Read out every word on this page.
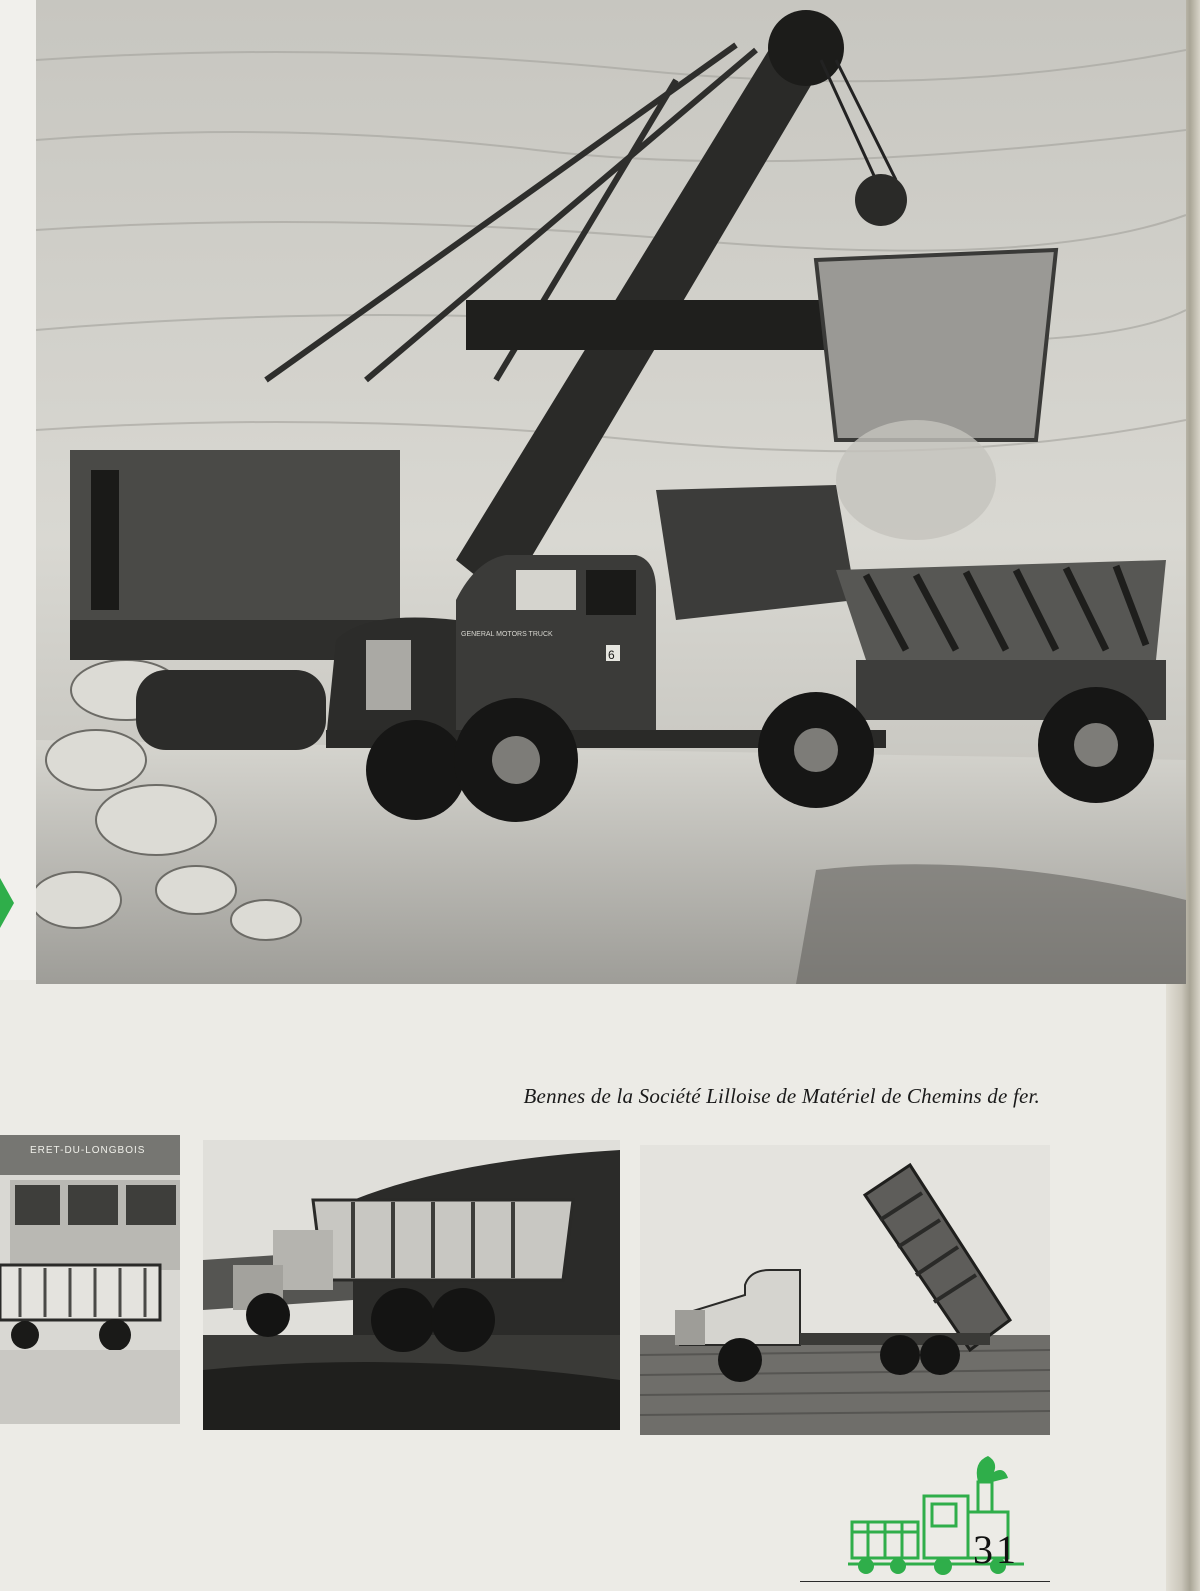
6
GENERAL MOTORS TRUCK
ERET-DU-LONGBOIS
Bennes de la Société Lilloise de Matériel de Chemins de fer.
31
